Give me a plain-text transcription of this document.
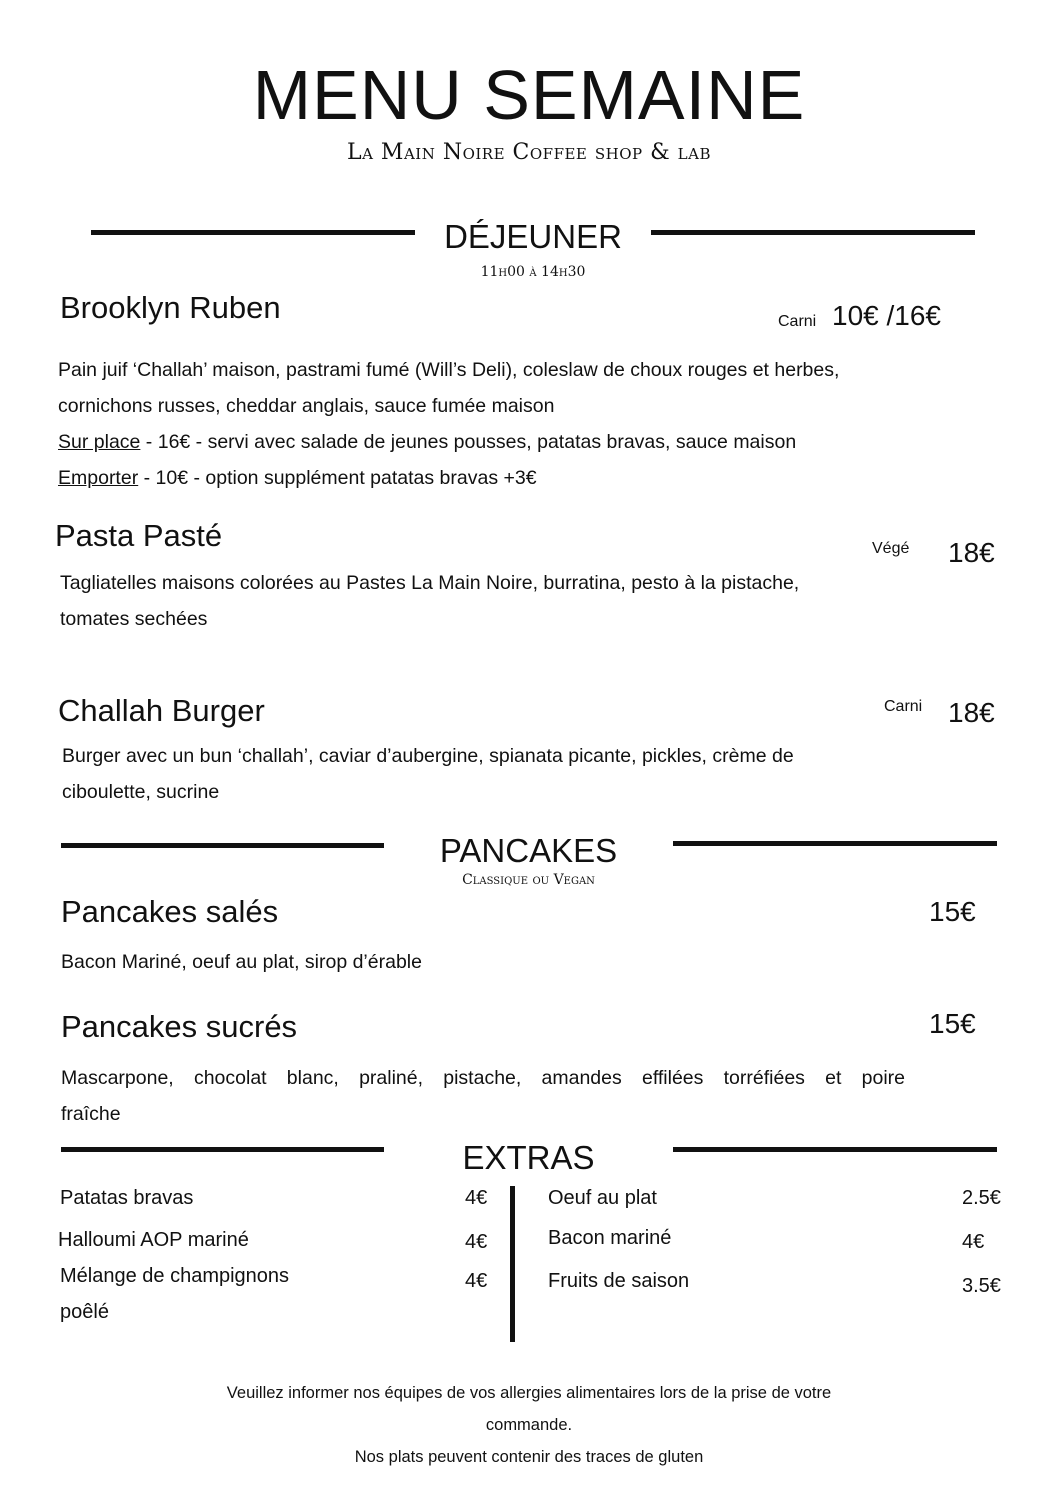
MENU SEMAINE
La Main Noire Coffee shop & lab
DÉJEUNER
11h00 à 14h30
Brooklyn Ruben	Carni 10€ /16€

Pain juif ‘Challah’ maison, pastrami fumé (Will’s Deli), coleslaw de choux rouges et herbes,

cornichons russes, cheddar anglais, sauce fumée maison

Sur place - 16€ - servi avec salade de jeunes pousses, patatas bravas, sauce maison

Emporter - 10€ - option supplément patatas bravas +3€

Pasta Pasté	Végé 18€

Tagliatelles maisons colorées au Pastes La Main Noire, burratina, pesto à la pistache,

tomates sechées

Challah Burger	Carni 18€

Burger avec un bun ‘challah’, caviar d’aubergine, spianata picante, pickles, crème de

ciboulette, sucrine

PANCAKES
Classique ou Vegan
Pancakes salés	15€

Bacon Mariné, oeuf au plat, sirop d’érable

Pancakes sucrés	15€

Mascarpone, chocolat blanc, praliné, pistache, amandes effilées torréfiées et poire

fraîche

EXTRAS
Patatas bravas	4€
Halloumi AOP mariné	4€
Mélange de champignons
poêlé
4€
Oeuf au plat	2.5€
Bacon mariné	4€
Fruits de saison	3.5€
Veuillez informer nos équipes de vos allergies alimentaires lors de la prise de votre
commande.
Nos plats peuvent contenir des traces de gluten
